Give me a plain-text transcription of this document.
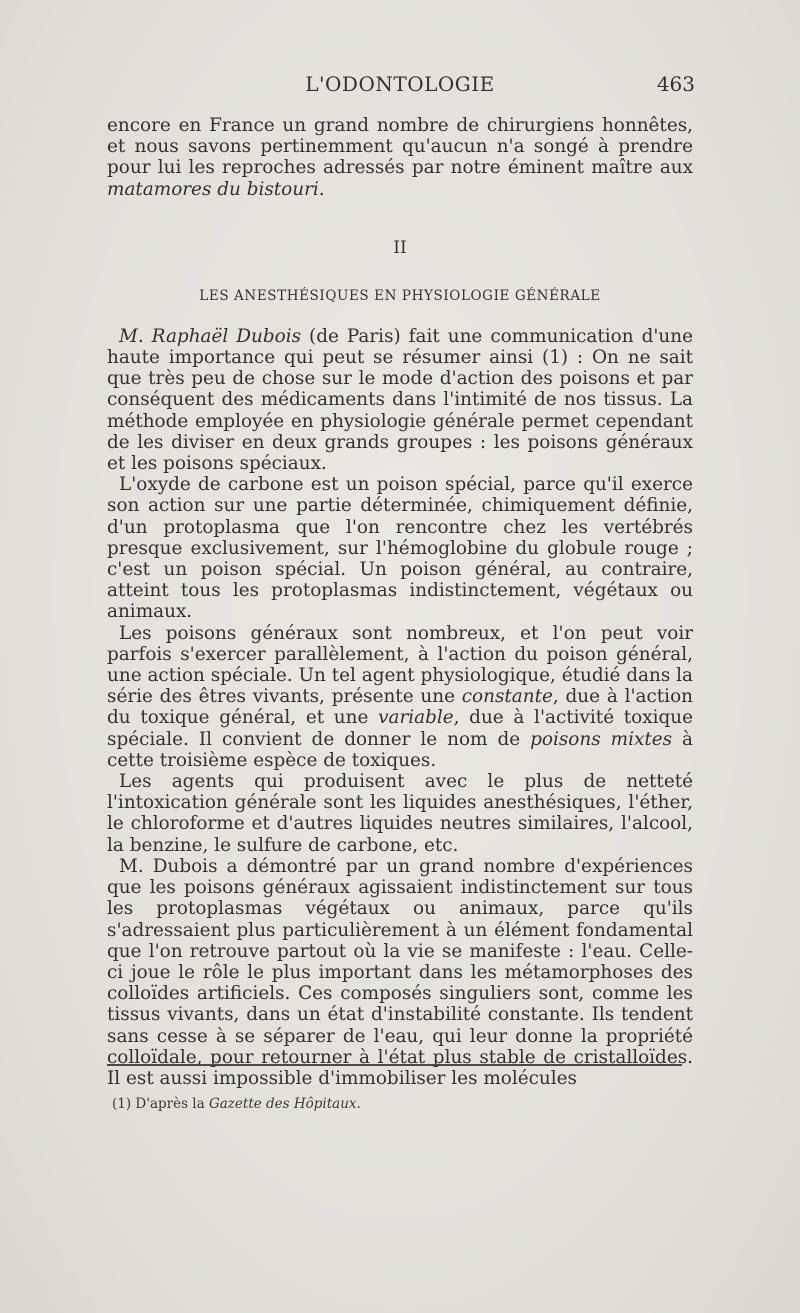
L'ODONTOLOGIE	463

encore en France un grand nombre de chirurgiens honnêtes, et nous savons pertinemment qu'aucun n'a songé à prendre pour lui les reproches adressés par notre éminent maître aux matamores du bistouri.

II

LES ANESTHÉSIQUES EN PHYSIOLOGIE GÉNÉRALE

M. Raphaël Dubois (de Paris) fait une communication d'une haute importance qui peut se résumer ainsi (1) : On ne sait que très peu de chose sur le mode d'action des poisons et par conséquent des médicaments dans l'intimité de nos tissus. La méthode employée en physiologie générale permet cependant de les diviser en deux grands groupes : les poisons généraux et les poisons spéciaux.

L'oxyde de carbone est un poison spécial, parce qu'il exerce son action sur une partie déterminée, chimiquement définie, d'un protoplasma que l'on rencontre chez les vertébrés presque exclusivement, sur l'hémoglobine du globule rouge ; c'est un poison spécial. Un poison général, au contraire, atteint tous les protoplasmas indistinctement, végétaux ou animaux.

Les poisons généraux sont nombreux, et l'on peut voir parfois s'exercer parallèlement, à l'action du poison général, une action spéciale. Un tel agent physiologique, étudié dans la série des êtres vivants, présente une constante, due à l'action du toxique général, et une variable, due à l'activité toxique spéciale. Il convient de donner le nom de poisons mixtes à cette troisième espèce de toxiques.

Les agents qui produisent avec le plus de netteté l'intoxication générale sont les liquides anesthésiques, l'éther, le chloroforme et d'autres liquides neutres similaires, l'alcool, la benzine, le sulfure de carbone, etc.

M. Dubois a démontré par un grand nombre d'expériences que les poisons généraux agissaient indistinctement sur tous les protoplasmas végétaux ou animaux, parce qu'ils s'adressaient plus particulièrement à un élément fondamental que l'on retrouve partout où la vie se manifeste : l'eau. Celle-ci joue le rôle le plus important dans les métamorphoses des colloïdes artificiels. Ces composés singuliers sont, comme les tissus vivants, dans un état d'instabilité constante. Ils tendent sans cesse à se séparer de l'eau, qui leur donne la propriété colloïdale, pour retourner à l'état plus stable de cristalloïdes. Il est aussi impossible d'immobiliser les molécules

(1) D'après la Gazette des Hôpitaux.
